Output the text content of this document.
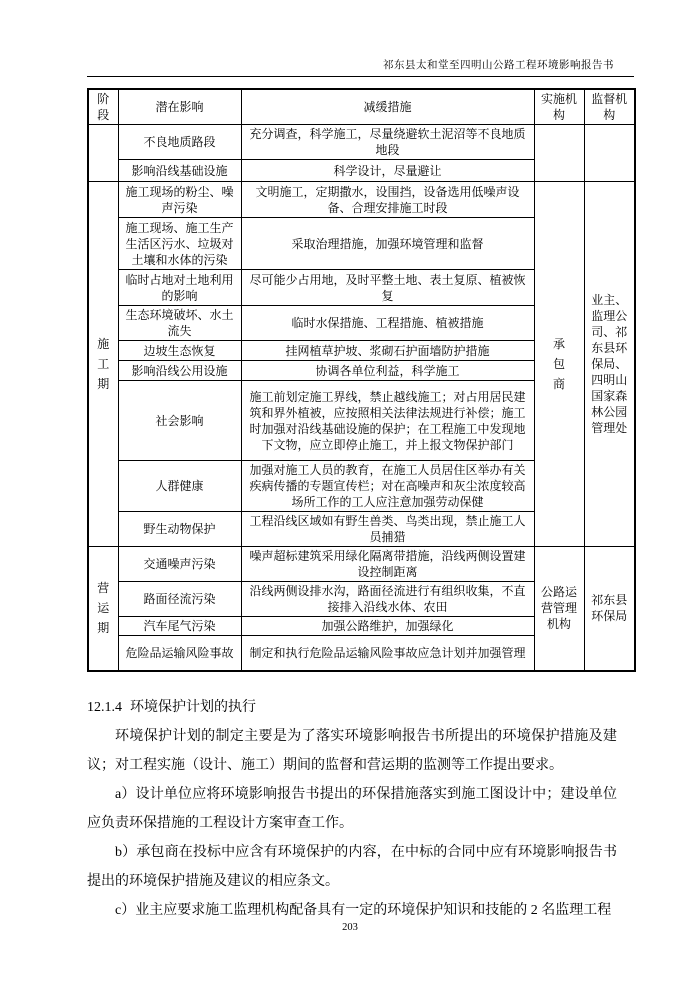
祁东县太和堂至四明山公路工程环境影响报告书
阶段	潜在影响	减缓措施	实施机构	监督机构
	不良地质路段	充分调查，科学施工，尽量绕避软土泥沼等不良地质地段		
	影响沿线基础设施	科学设计，尽量避让		
施工期	施工现场的粉尘、噪声污染	文明施工，定期撒水，设围挡，设备选用低噪声设备、合理安排施工时段	承包商	业主、监理公司、祁东县环保局、四明山国家森林公园管理处
	施工现场、施工生产生活区污水、垃圾对土壤和水体的污染	采取治理措施，加强环境管理和监督		
	临时占地对土地利用的影响	尽可能少占用地，及时平整土地、表土复原、植被恢复		
	生态环境破坏、水土流失	临时水保措施、工程措施、植被措施		
	边坡生态恢复	挂网植草护坡、浆砌石护面墙防护措施		
	影响沿线公用设施	协调各单位利益，科学施工		
	社会影响	施工前划定施工界线，禁止越线施工；对占用居民建筑和界外植被，应按照相关法律法规进行补偿；施工时加强对沿线基础设施的保护；在工程施工中发现地下文物，应立即停止施工，并上报文物保护部门		
	人群健康	加强对施工人员的教育，在施工人员居住区举办有关疾病传播的专题宣传栏；对在高噪声和灰尘浓度较高场所工作的工人应注意加强劳动保健		
	野生动物保护	工程沿线区域如有野生兽类、鸟类出现，禁止施工人员捕猎		
营运期	交通噪声污染	噪声超标建筑采用绿化隔离带措施，沿线两侧设置建设控制距离	公路运营管理机构	祁东县环保局
	路面径流污染	沿线两侧设排水沟，路面径流进行有组织收集，不直接排入沿线水体、农田		
	汽车尾气污染	加强公路维护，加强绿化		
	危险品运输风险事故	制定和执行危险品运输风险事故应急计划并加强管理		
12.1.4 环境保护计划的执行

环境保护计划的制定主要是为了落实环境影响报告书所提出的环境保护措施及建议；对工程实施（设计、施工）期间的监督和营运期的监测等工作提出要求。

a）设计单位应将环境影响报告书提出的环保措施落实到施工图设计中；建设单位应负责环保措施的工程设计方案审查工作。

b）承包商在投标中应含有环境保护的内容，在中标的合同中应有环境影响报告书提出的环境保护措施及建议的相应条文。

c）业主应要求施工监理机构配备具有一定的环境保护知识和技能的 2 名监理工程

203
